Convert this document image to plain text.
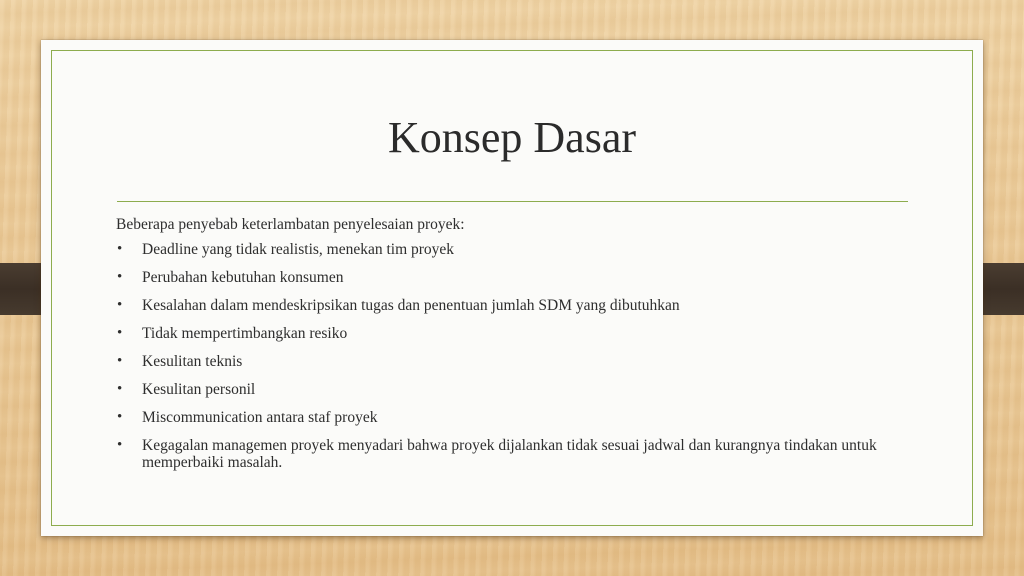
Konsep Dasar

Beberapa penyebab keterlambatan penyelesaian proyek:

• Deadline yang tidak realistis, menekan tim proyek
• Perubahan kebutuhan konsumen
• Kesalahan dalam mendeskripsikan tugas dan penentuan jumlah SDM yang dibutuhkan
• Tidak mempertimbangkan resiko
• Kesulitan teknis
• Kesulitan personil
• Miscommunication antara staf proyek
• Kegagalan managemen proyek menyadari bahwa proyek dijalankan tidak sesuai jadwal dan kurangnya tindakan untuk memperbaiki masalah.
